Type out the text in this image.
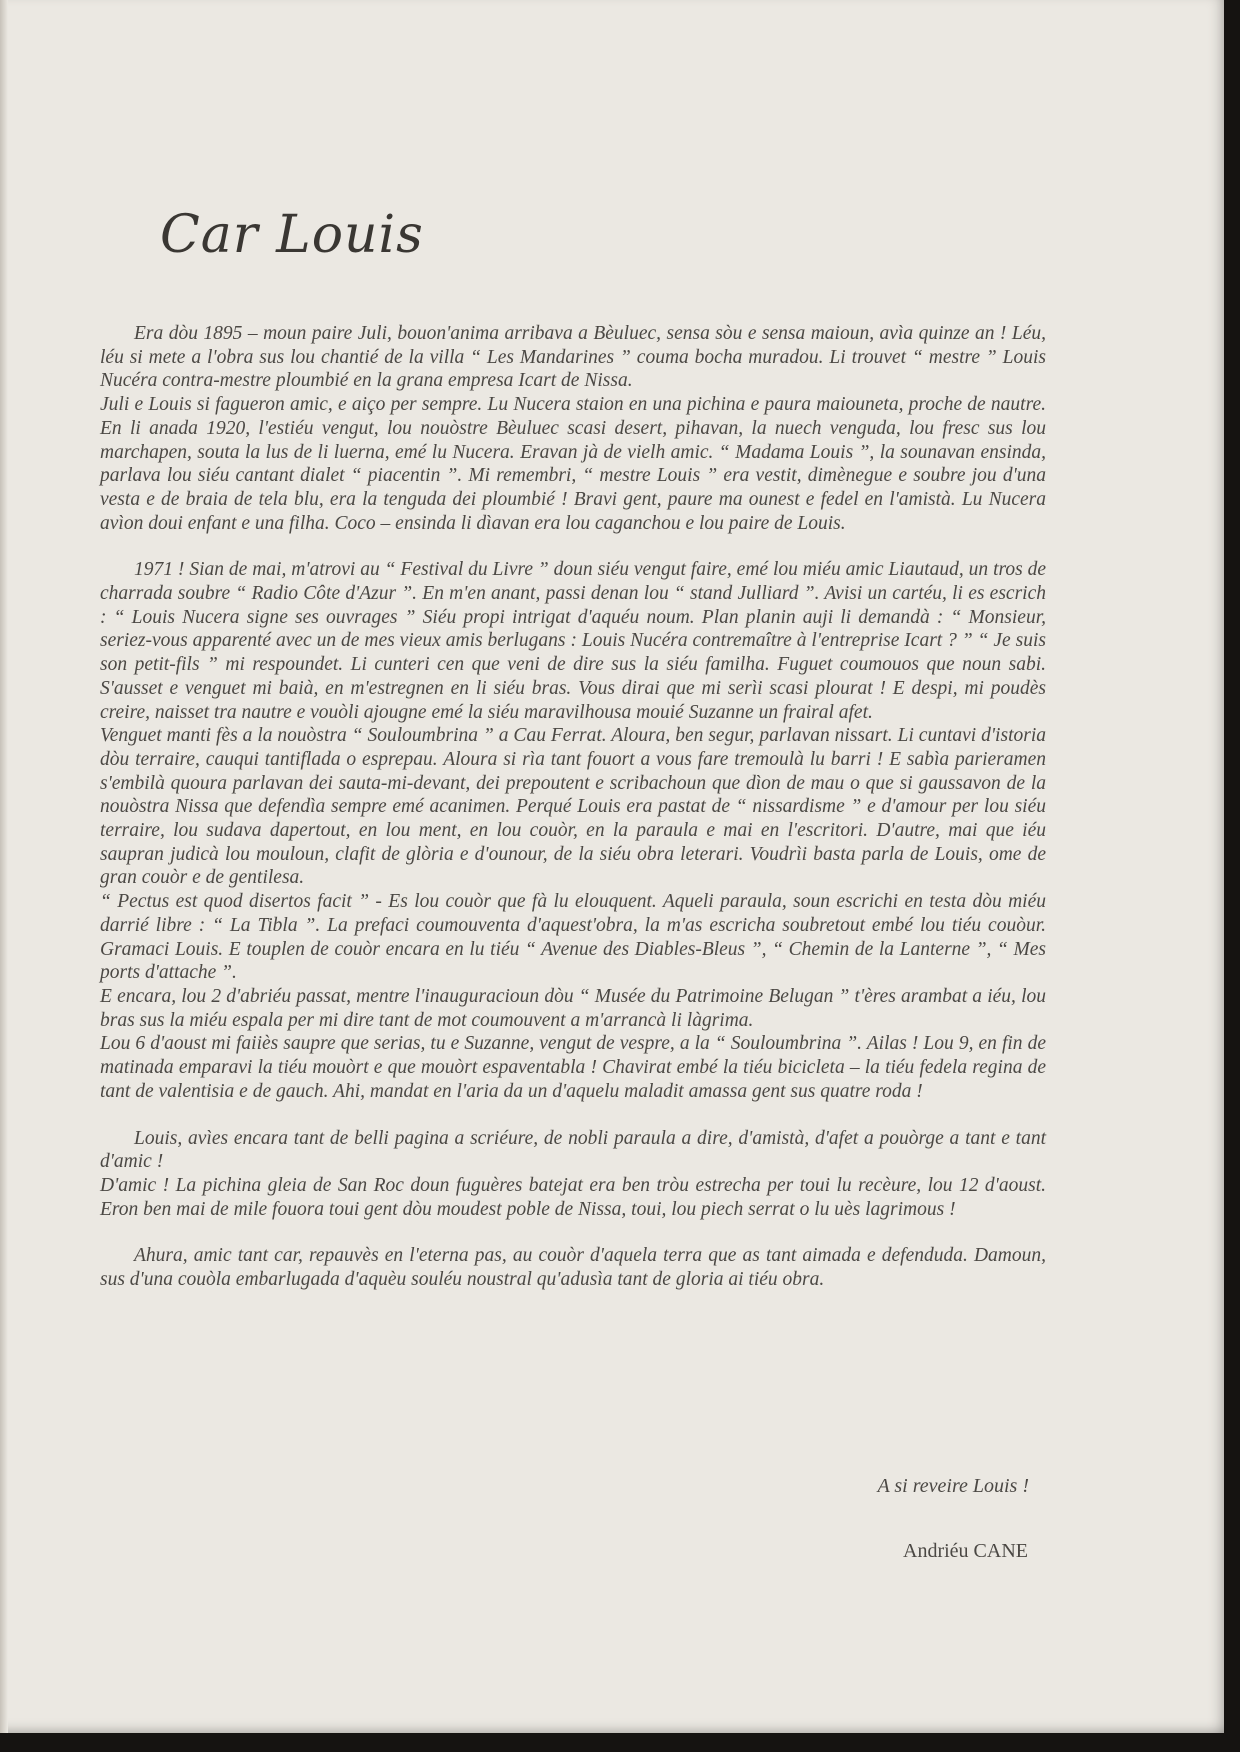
Car Louis

Era dòu 1895 – moun paire Juli, bouon'anima arribava a Bèuluec, sensa sòu e sensa maioun, avìa quinze an ! Léu, léu si mete a l'obra sus lou chantié de la villa “ Les Mandarines ” couma bocha muradou. Li trouvet “ mestre ” Louis Nucéra contra-mestre ploumbié en la grana empresa Icart de Nissa.

Juli e Louis si fagueron amic, e aiço per sempre. Lu Nucera staion en una pichina e paura maiouneta, proche de nautre. En li anada 1920, l'estiéu vengut, lou nouòstre Bèuluec scasi desert, pihavan, la nuech venguda, lou fresc sus lou marchapen, souta la lus de li luerna, emé lu Nucera. Eravan jà de vielh amic. “ Madama Louis ”, la sounavan ensinda, parlava lou siéu cantant dialet “ piacentin ”. Mi remembri, “ mestre Louis ” era vestit, dimènegue e soubre jou d'una vesta e de braia de tela blu, era la tenguda dei ploumbié ! Bravi gent, paure ma ounest e fedel en l'amistà. Lu Nucera avìon doui enfant e una filha. Coco – ensinda li dìavan era lou caganchou e lou paire de Louis.

1971 ! Sian de mai, m'atrovi au “ Festival du Livre ” doun siéu vengut faire, emé lou miéu amic Liautaud, un tros de charrada soubre “ Radio Côte d'Azur ”. En m'en anant, passi denan lou “ stand Julliard ”. Avisi un cartéu, li es escrich : “ Louis Nucera signe ses ouvrages ” Siéu propi intrigat d'aquéu noum. Plan planin auji li demandà : “ Monsieur, seriez-vous apparenté avec un de mes vieux amis berlugans : Louis Nucéra contremaître à l'entreprise Icart ? ” “ Je suis son petit-fils ” mi respoundet. Li cunteri cen que veni de dire sus la siéu familha. Fuguet coumouos que noun sabi. S'ausset e venguet mi baià, en m'estregnen en li siéu bras. Vous dirai que mi serìi scasi plourat ! E despi, mi poudès creire, naisset tra nautre e vouòli ajougne emé la siéu maravilhousa mouié Suzanne un frairal afet.

Venguet manti fès a la nouòstra “ Souloumbrina ” a Cau Ferrat. Aloura, ben segur, parlavan nissart. Li cuntavi d'istoria dòu terraire, cauqui tantiflada o esprepau. Aloura si rìa tant fouort a vous fare tremoulà lu barri ! E sabìa parieramen s'embilà quoura parlavan dei sauta-mi-devant, dei prepoutent e scribachoun que dìon de mau o que si gaussavon de la nouòstra Nissa que defendìa sempre emé acanimen. Perqué Louis era pastat de “ nissardisme ” e d'amour per lou siéu terraire, lou sudava dapertout, en lou ment, en lou couòr, en la paraula e mai en l'escritori. D'autre, mai que iéu saupran judicà lou mouloun, clafit de glòria e d'ounour, de la siéu obra leterari. Voudrìi basta parla de Louis, ome de gran couòr e de gentilesa.

“ Pectus est quod disertos facit ” - Es lou couòr que fà lu elouquent. Aqueli paraula, soun escrichi en testa dòu miéu darrié libre : “ La Tibla ”. La prefaci coumouventa d'aquest'obra, la m'as escricha soubretout embé lou tiéu couòur. Gramaci Louis. E touplen de couòr encara en lu tiéu “ Avenue des Diables-Bleus ”, “ Chemin de la Lanterne ”, “ Mes ports d'attache ”.

E encara, lou 2 d'abriéu passat, mentre l'inauguracioun dòu “ Musée du Patrimoine Belugan ” t'ères arambat a iéu, lou bras sus la miéu espala per mi dire tant de mot coumouvent a m'arrancà li làgrima.

Lou 6 d'aoust mi faiiès saupre que serias, tu e Suzanne, vengut de vespre, a la “ Souloumbrina ”. Ailas ! Lou 9, en fin de matinada emparavi la tiéu mouòrt e que mouòrt espaventabla ! Chavirat embé la tiéu bicicleta – la tiéu fedela regina de tant de valentisia e de gauch. Ahi, mandat en l'aria da un d'aquelu maladit amassa gent sus quatre roda !

Louis, avìes encara tant de belli pagina a scriéure, de nobli paraula a dire, d'amistà, d'afet a pouòrge a tant e tant d'amic !

D'amic ! La pichina gleia de San Roc doun fuguères batejat era ben tròu estrecha per toui lu recèure, lou 12 d'aoust. Eron ben mai de mile fouora toui gent dòu moudest poble de Nissa, toui, lou piech serrat o lu uès lagrimous !

Ahura, amic tant car, repauvès en l'eterna pas, au couòr d'aquela terra que as tant aimada e defenduda. Damoun, sus d'una couòla embarlugada d'aquèu souléu noustral qu'adusìa tant de gloria ai tiéu obra.

A si reveire Louis !
Andriéu CANE
